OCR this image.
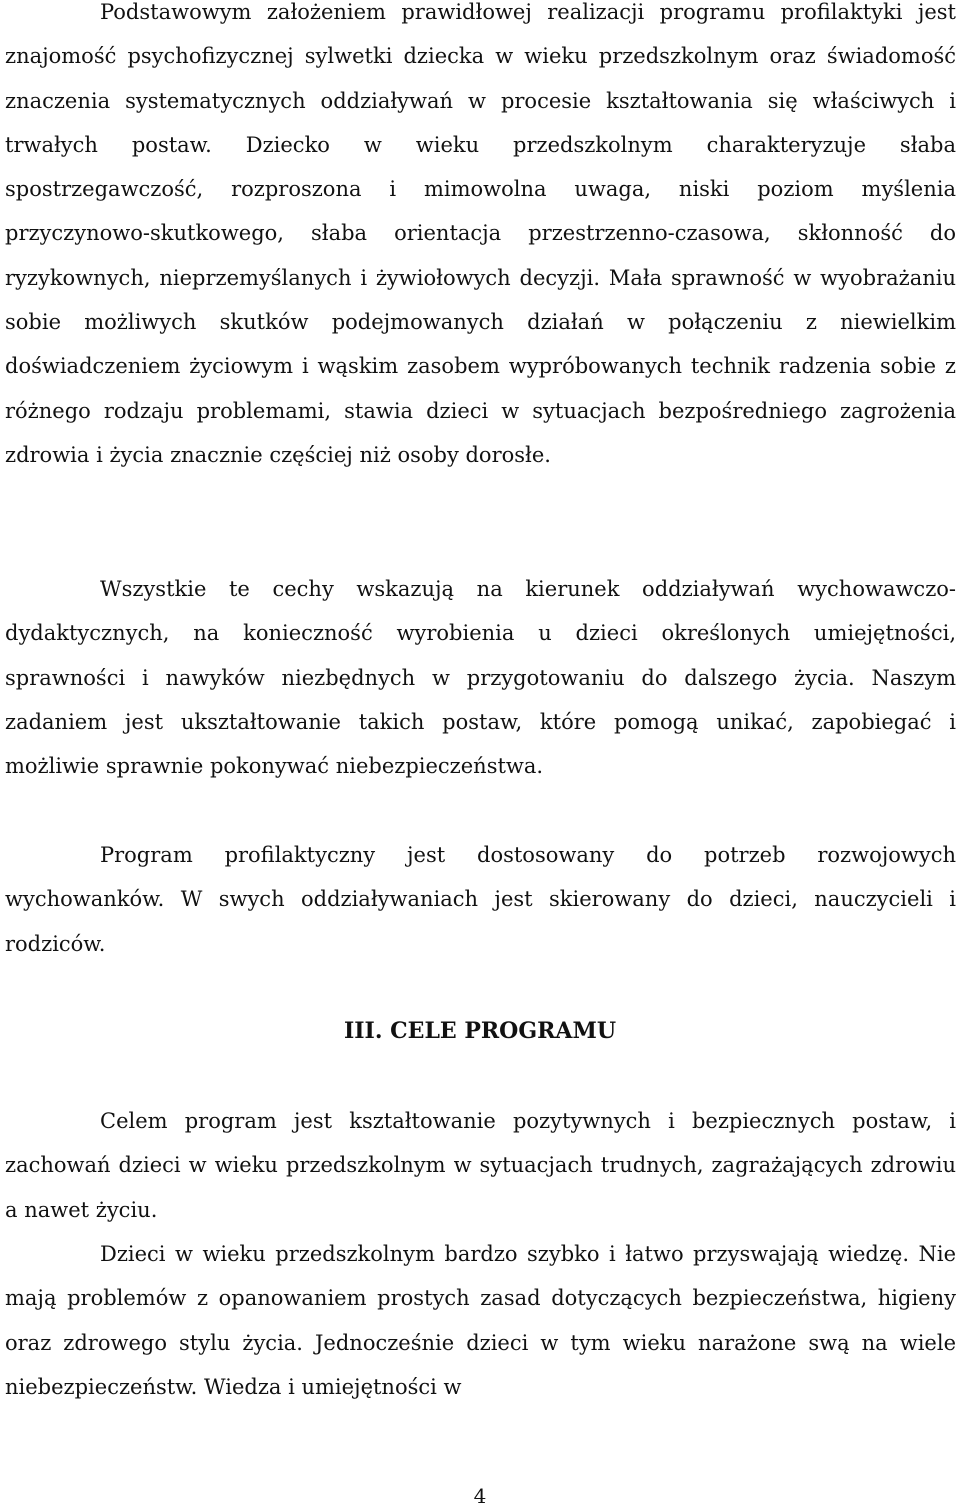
Podstawowym założeniem prawidłowej realizacji programu profilaktyki jest znajomość psychofizycznej sylwetki dziecka w wieku przedszkolnym oraz świadomość znaczenia systematycznych oddziaływań w procesie kształtowania się właściwych i trwałych postaw. Dziecko w wieku przedszkolnym charakteryzuje słaba spostrzegawczość, rozproszona i mimowolna uwaga, niski poziom myślenia przyczynowo-skutkowego, słaba orientacja przestrzenno-czasowa, skłonność do ryzykownych, nieprzemyślanych i żywiołowych decyzji. Mała sprawność w wyobrażaniu sobie możliwych skutków podejmowanych działań w połączeniu z niewielkim doświadczeniem życiowym i wąskim zasobem wypróbowanych technik radzenia sobie z różnego rodzaju problemami, stawia dzieci w sytuacjach bezpośredniego zagrożenia zdrowia i życia znacznie częściej niż osoby dorosłe.

Wszystkie te cechy wskazują na kierunek oddziaływań wychowawczo-dydaktycznych, na konieczność wyrobienia u dzieci określonych umiejętności, sprawności i nawyków niezbędnych w przygotowaniu do dalszego życia. Naszym zadaniem jest ukształtowanie takich postaw, które pomogą unikać, zapobiegać i możliwie sprawnie pokonywać niebezpieczeństwa.

Program profilaktyczny jest dostosowany do potrzeb rozwojowych wychowanków. W swych oddziaływaniach jest skierowany do dzieci, nauczycieli i rodziców.

III. CELE PROGRAMU

Celem program jest kształtowanie pozytywnych i bezpiecznych postaw, i zachowań dzieci w wieku przedszkolnym w sytuacjach trudnych, zagrażających zdrowiu a nawet życiu.

Dzieci w wieku przedszkolnym bardzo szybko i łatwo przyswajają wiedzę. Nie mają problemów z opanowaniem prostych zasad dotyczących bezpieczeństwa, higieny oraz zdrowego stylu życia. Jednocześnie dzieci w tym wieku narażone swą na wiele niebezpieczeństw. Wiedza i umiejętności w

4
